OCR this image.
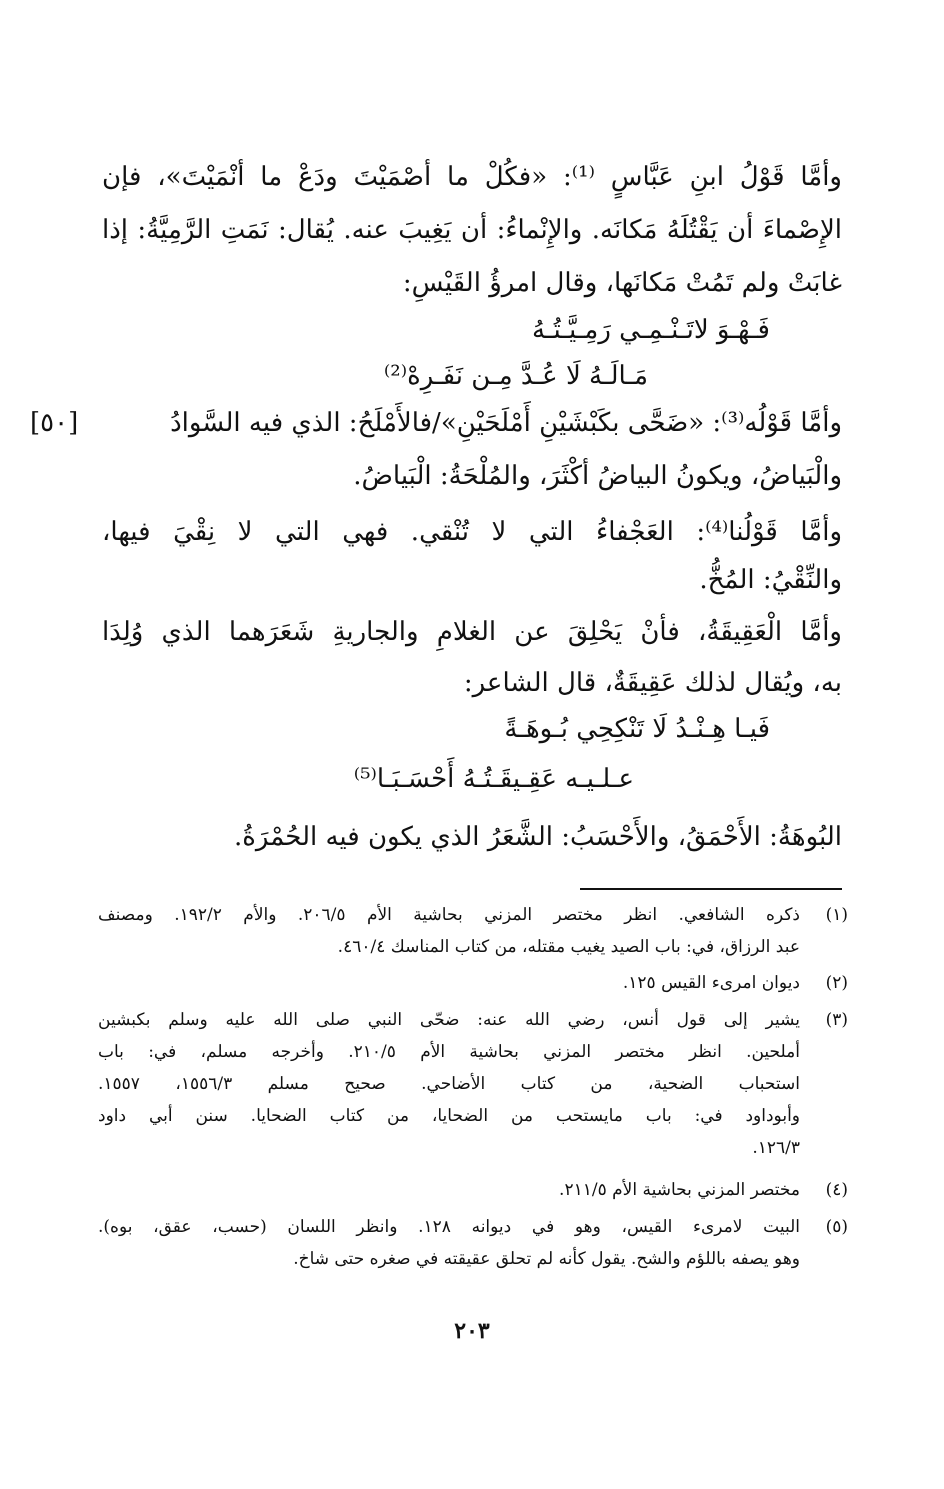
وأمَّا قَوْلُ ابنِ عَبَّاسٍ ⁽¹⁾: «فكُلْ ما أصْمَيْتَ ودَعْ ما أنْمَيْتَ»، فإن
الإِصْماءَ أن يَقْتُلَهُ مَكانَه. والإِنْماءُ: أن يَغِيبَ عنه. يُقال: نَمَتِ الرَّمِيَّةُ: إذا
غابَتْ ولم تَمُتْ مَكانَها، وقال امرؤُ القَيْسِ:
فَـهْـوَ لاتَـنْـمِـي رَمِـيَّـتُـهُ
مَـالَـهُ لَا عُـدَّ مِـن نَفَـرِهْ⁽²⁾
وأمَّا قَوْلُه⁽³⁾: «ضَحَّى بكَبْشَيْنِ أَمْلَحَيْنِ»/فالأَمْلَحُ: الذي فيه السَّوادُ
[٥٠]
والْبَياضُ، ويكونُ البياضُ أكْثَرَ، والمُلْحَةُ: الْبَياضُ.
وأمَّا قَوْلُنا⁽⁴⁾: العَجْفاءُ التي لا تُنْقي. فهي التي لا نِقْيَ فيها،
والنِّقْيُ: المُخُّ.
وأمَّا الْعَقِيقَةُ، فأنْ يَحْلِقَ عن الغلامِ والجاريةِ شَعَرَهما الذي وُلِدَا
به، ويُقال لذلك عَقِيقَةٌ، قال الشاعر:
فَيـا هِـنْـدُ لَا تَنْكِحِي بُـوهَـةً
عـلـيـه عَقِـيقَـتُـهُ أَحْسَـبَـا⁽⁵⁾
البُوهَةُ: الأَحْمَقُ، والأَحْسَبُ: الشَّعَرُ الذي يكون فيه الحُمْرَةُ.
(١)
ذكره الشافعي. انظر مختصر المزني بحاشية الأم ٢٠٦/٥. والأم ١٩٢/٢. ومصنف
عبد الرزاق، في: باب الصيد يغيب مقتله، من كتاب المناسك ٤٦٠/٤.
(٢)
ديوان امرىء القيس ١٢٥.
(٣)
يشير إلى قول أنس، رضي الله عنه: ضحّى النبي صلى الله عليه وسلم بكبشين
أملحين. انظر مختصر المزني بحاشية الأم ٢١٠/٥. وأخرجه مسلم، في: باب
استحباب الضحية، من كتاب الأضاحي. صحيح مسلم ١٥٥٦/٣، ١٥٥٧.
وأبوداود في: باب مايستحب من الضحايا، من كتاب الضحايا. سنن أبي داود
١٢٦/٣.
(٤)
مختصر المزني بحاشية الأم ٢١١/٥.
(٥)
البيت لامرىء القيس، وهو في ديوانه ١٢٨. وانظر اللسان (حسب، عقق، بوه).
وهو يصفه باللؤم والشح. يقول كأنه لم تحلق عقيقته في صغره حتى شاخ.
٢٠٣
